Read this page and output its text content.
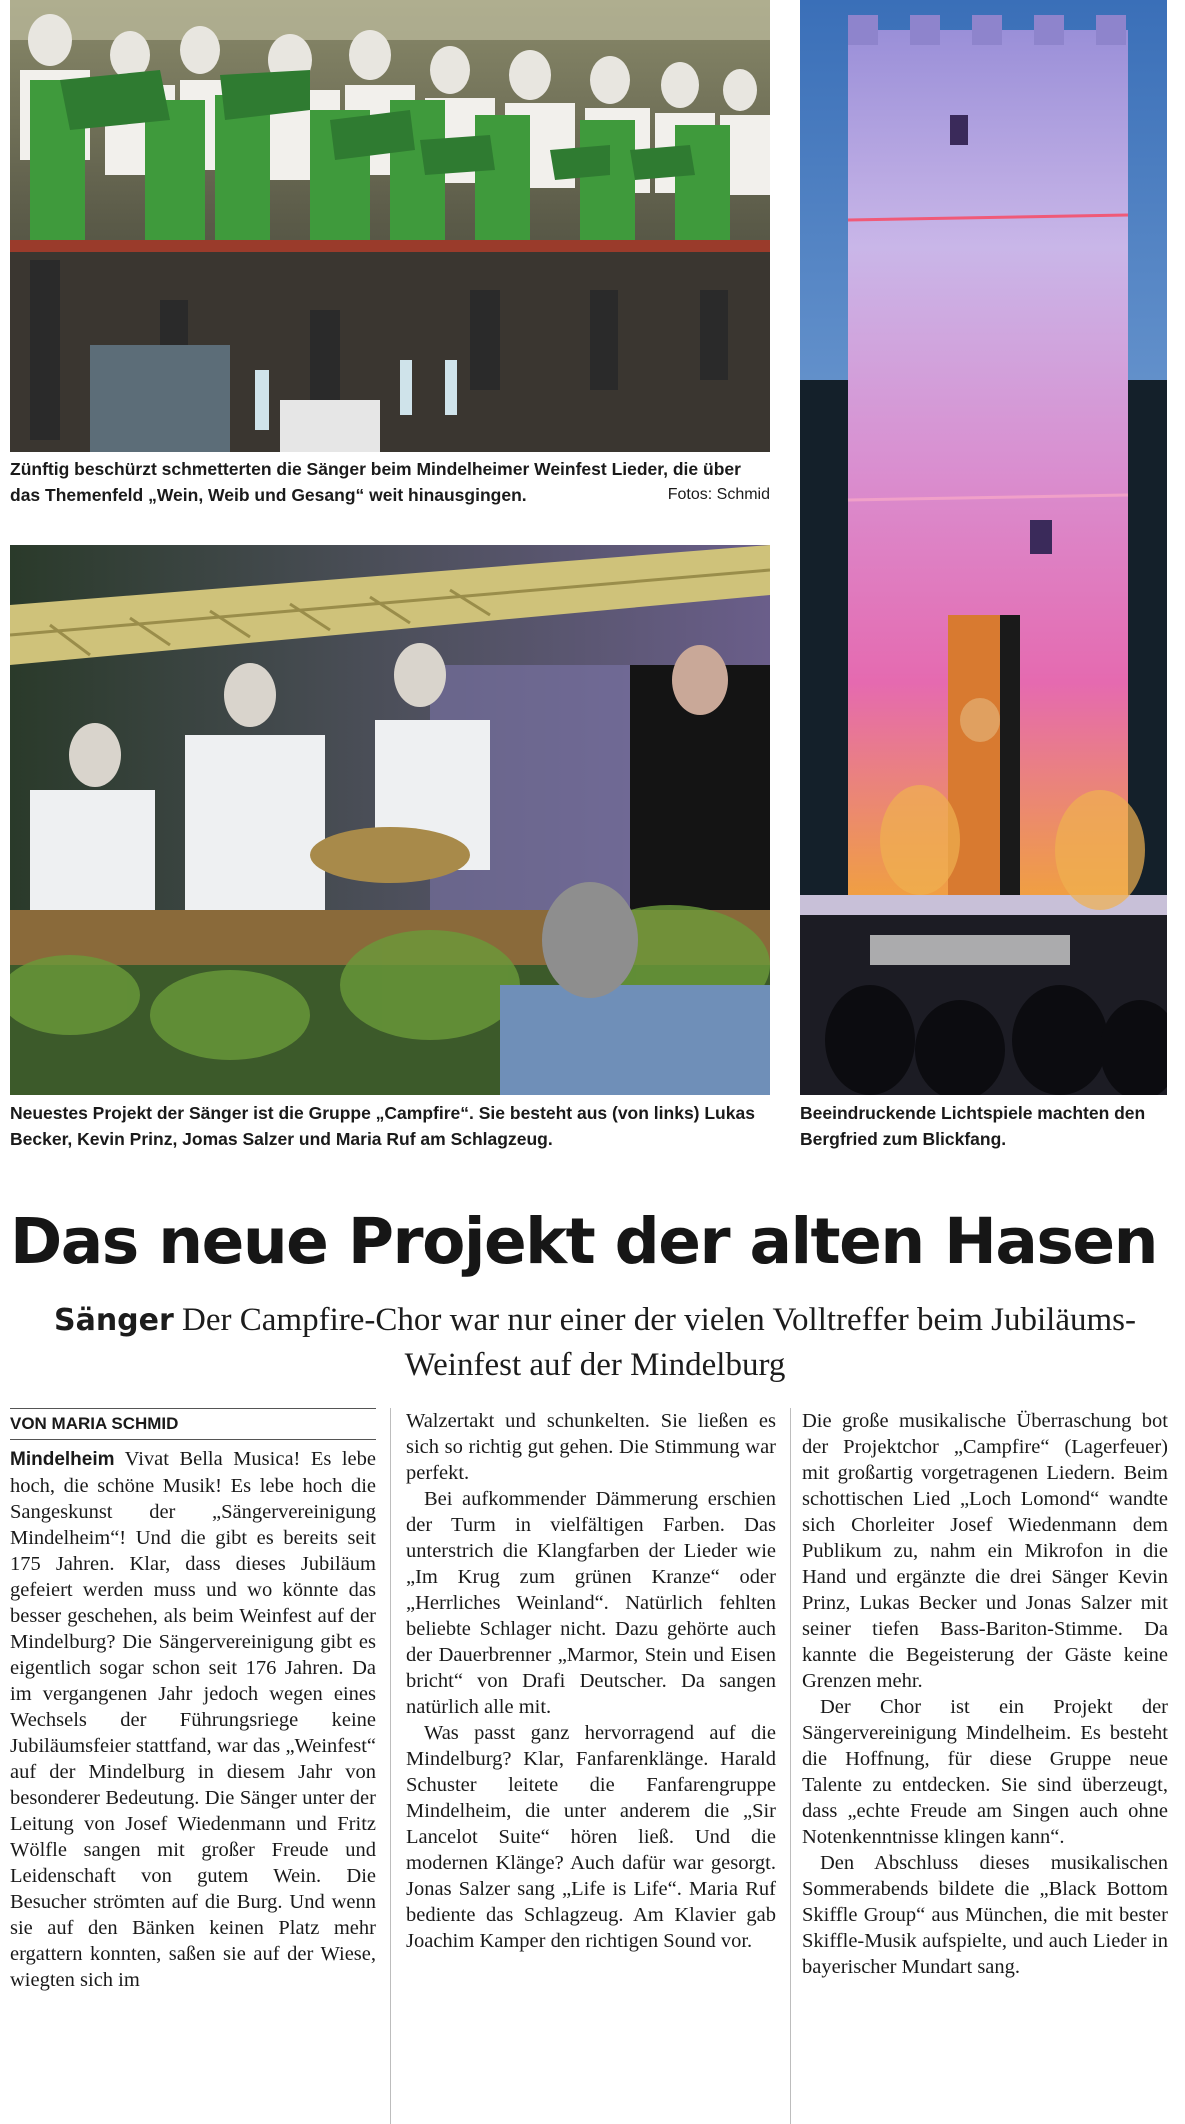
Zünftig beschürzt schmetterten die Sänger beim Mindelheimer Weinfest Lieder, die über das Themenfeld „Wein, Weib und Gesang“ weit hinausgingen.	Fotos: Schmid
Neuestes Projekt der Sänger ist die Gruppe „Campfire“. Sie besteht aus (von links) Lukas Becker, Kevin Prinz, Jomas Salzer und Maria Ruf am Schlagzeug.
Beeindruckende Lichtspiele machten den Bergfried zum Blickfang.
Das neue Projekt der alten Hasen
Sänger Der Campfire-Chor war nur einer der vielen Volltreffer beim Jubiläums-Weinfest auf der Mindelburg
VON MARIA SCHMID

Mindelheim Vivat Bella Musica! Es lebe hoch, die schöne Musik! Es lebe hoch die Sangeskunst der „Sängervereinigung Mindelheim“! Und die gibt es bereits seit 175 Jahren. Klar, dass dieses Jubiläum gefeiert werden muss und wo könnte das besser geschehen, als beim Weinfest auf der Mindelburg? Die Sängervereinigung gibt es eigentlich sogar schon seit 176 Jahren. Da im vergangenen Jahr jedoch wegen eines Wechsels der Führungsriege keine Jubiläumsfeier stattfand, war das „Weinfest“ auf der Mindelburg in diesem Jahr von besonderer Bedeutung. Die Sänger unter der Leitung von Josef Wiedenmann und Fritz Wölfle sangen mit großer Freude und Leidenschaft von gutem Wein. Die Besucher strömten auf die Burg. Und wenn sie auf den Bänken keinen Platz mehr ergattern konnten, saßen sie auf der Wiese, wiegten sich im

Walzertakt und schunkelten. Sie ließen es sich so richtig gut gehen. Die Stimmung war perfekt.

Bei aufkommender Dämmerung erschien der Turm in vielfältigen Farben. Das unterstrich die Klangfarben der Lieder wie „Im Krug zum grünen Kranze“ oder „Herrliches Weinland“. Natürlich fehlten beliebte Schlager nicht. Dazu gehörte auch der Dauerbrenner „Marmor, Stein und Eisen bricht“ von Drafi Deutscher. Da sangen natürlich alle mit.

Was passt ganz hervorragend auf die Mindelburg? Klar, Fanfarenklänge. Harald Schuster leitete die Fanfarengruppe Mindelheim, die unter anderem die „Sir Lancelot Suite“ hören ließ. Und die modernen Klänge? Auch dafür war gesorgt. Jonas Salzer sang „Life is Life“. Maria Ruf bediente das Schlagzeug. Am Klavier gab Joachim Kamper den richtigen Sound vor.

Die große musikalische Überraschung bot der Projektchor „Campfire“ (Lagerfeuer) mit großartig vorgetragenen Liedern. Beim schottischen Lied „Loch Lomond“ wandte sich Chorleiter Josef Wiedenmann dem Publikum zu, nahm ein Mikrofon in die Hand und ergänzte die drei Sänger Kevin Prinz, Lukas Becker und Jonas Salzer mit seiner tiefen Bass-Bariton-Stimme. Da kannte die Begeisterung der Gäste keine Grenzen mehr.

Der Chor ist ein Projekt der Sängervereinigung Mindelheim. Es besteht die Hoffnung, für diese Gruppe neue Talente zu entdecken. Sie sind überzeugt, dass „echte Freude am Singen auch ohne Notenkenntnisse klingen kann“.

Den Abschluss dieses musikalischen Sommerabends bildete die „Black Bottom Skiffle Group“ aus München, die mit bester Skiffle-Musik aufspielte, und auch Lieder in bayerischer Mundart sang.
